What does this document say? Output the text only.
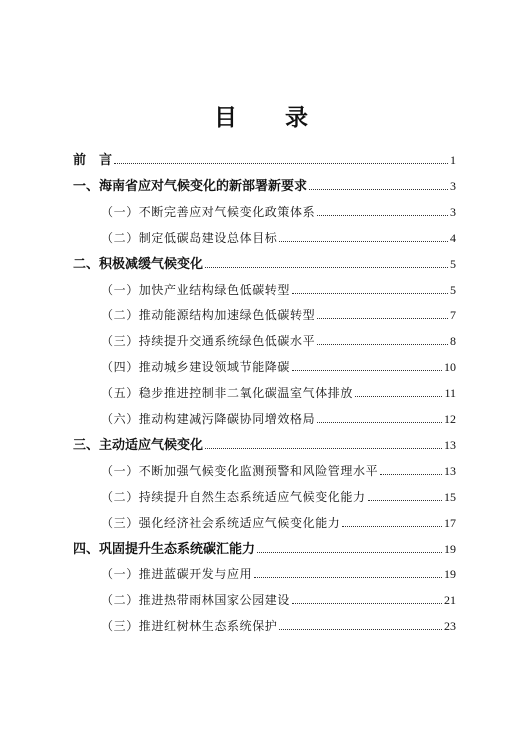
目 录
前　言	1
一、海南省应对气候变化的新部署新要求	3
（一）不断完善应对气候变化政策体系	3
（二）制定低碳岛建设总体目标	4
二、积极减缓气候变化	5
（一）加快产业结构绿色低碳转型	5
（二）推动能源结构加速绿色低碳转型	7
（三）持续提升交通系统绿色低碳水平	8
（四）推动城乡建设领域节能降碳	10
（五）稳步推进控制非二氧化碳温室气体排放	11
（六）推动构建减污降碳协同增效格局	12
三、主动适应气候变化	13
（一）不断加强气候变化监测预警和风险管理水平	13
（二）持续提升自然生态系统适应气候变化能力	15
（三）强化经济社会系统适应气候变化能力	17
四、巩固提升生态系统碳汇能力	19
（一）推进蓝碳开发与应用	19
（二）推进热带雨林国家公园建设	21
（三）推进红树林生态系统保护	23
